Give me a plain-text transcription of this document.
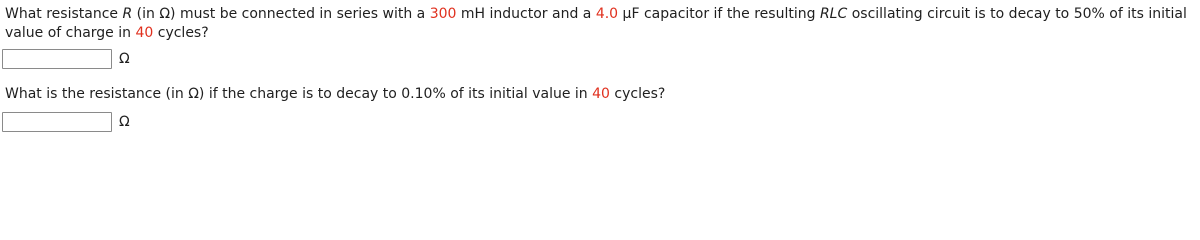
What resistance R (in Ω) must be connected in series with a 300 mH inductor and a 4.0 μF capacitor if the resulting RLC oscillating circuit is to decay to 50% of its initial value of charge in 40 cycles?

Ω

What is the resistance (in Ω) if the charge is to decay to 0.10% of its initial value in 40 cycles?

Ω
